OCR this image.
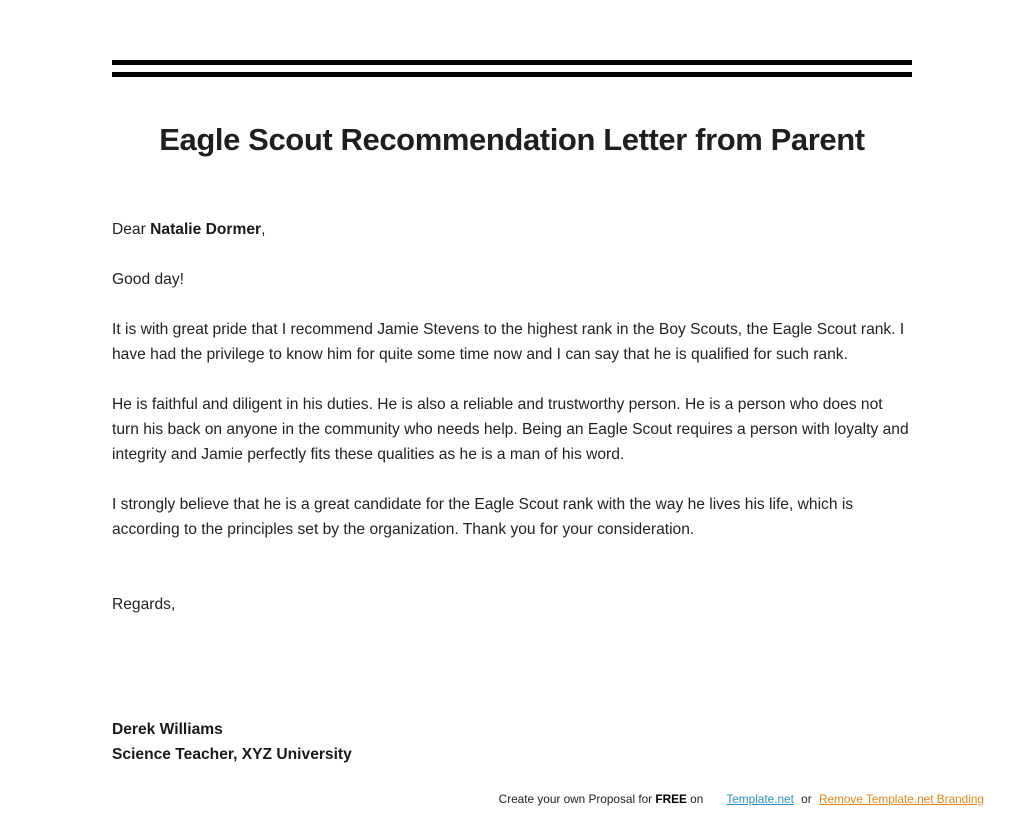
Eagle Scout Recommendation Letter from Parent

Dear Natalie Dormer,

Good day!

It is with great pride that I recommend Jamie Stevens to the highest rank in the Boy Scouts, the Eagle Scout rank. I have had the privilege to know him for quite some time now and I can say that he is qualified for such rank.

He is faithful and diligent in his duties. He is also a reliable and trustworthy person. He is a person who does not turn his back on anyone in the community who needs help. Being an Eagle Scout requires a person with loyalty and integrity and Jamie perfectly fits these qualities as he is a man of his word.

I strongly believe that he is a great candidate for the Eagle Scout rank with the way he lives his life, which is according to the principles set by the organization. Thank you for your consideration.

Regards,

Derek Williams

Science Teacher, XYZ University

Create your own Proposal for FREE on Template.net or Remove Template.net Branding
